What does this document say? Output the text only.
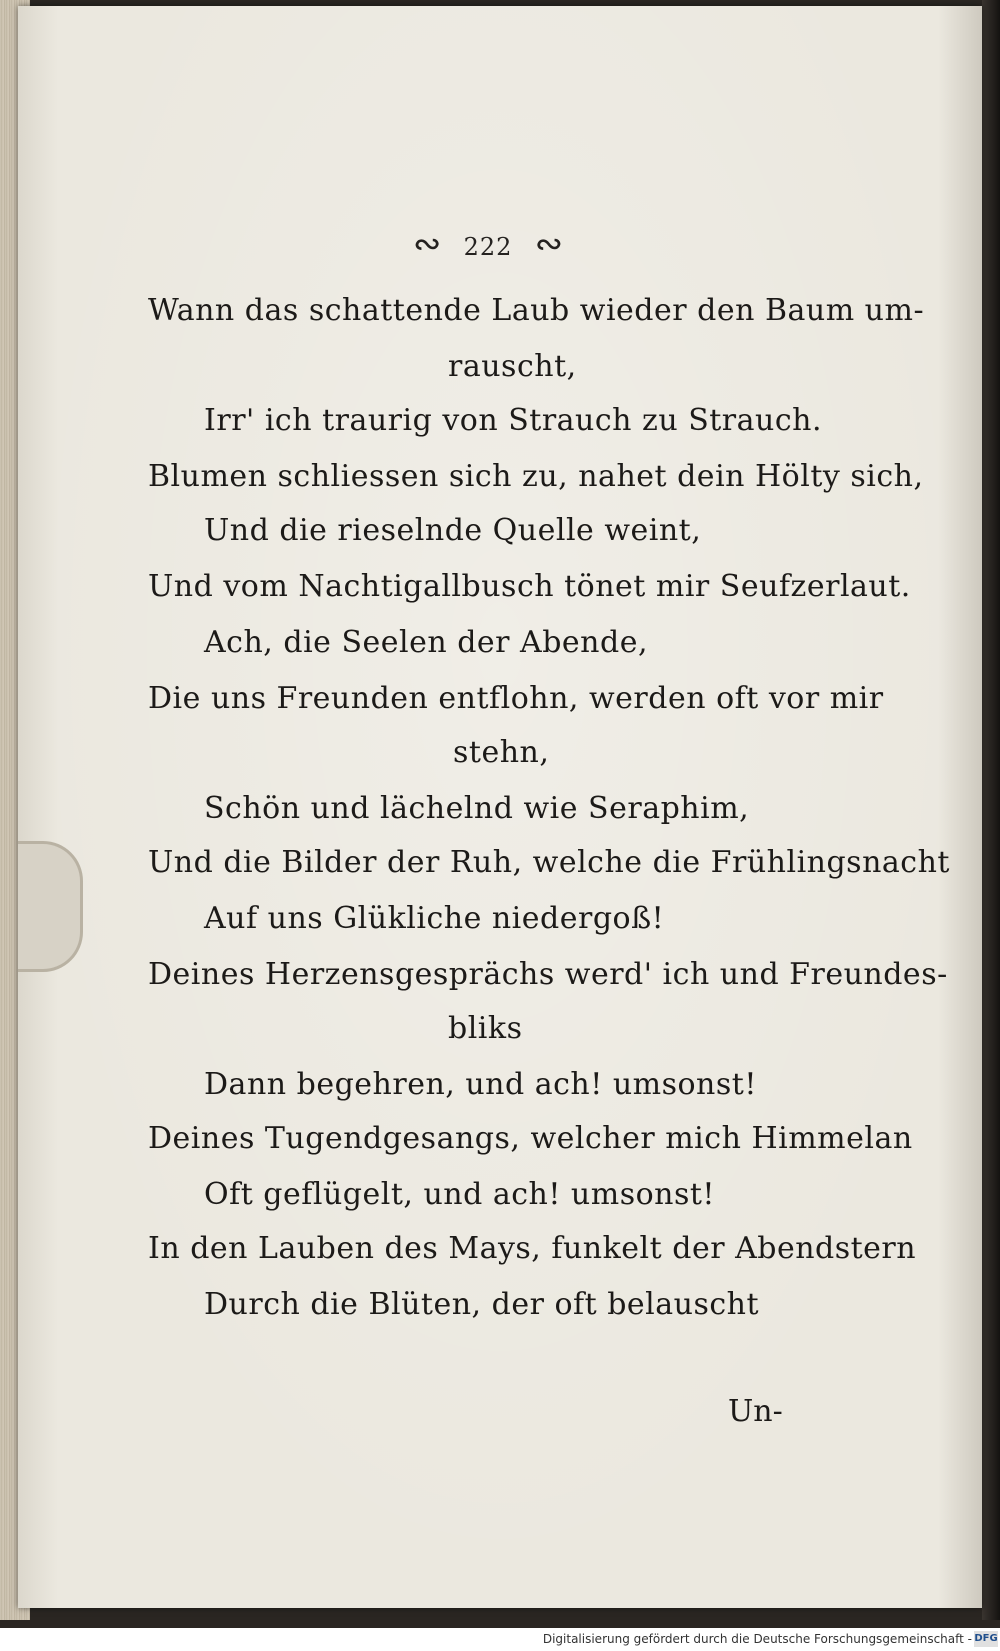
∾ 222 ∾
Wann das schattende Laub wieder den Baum um-
rauscht,
Irr' ich traurig von Strauch zu Strauch.
Blumen schliessen sich zu, nahet dein Hölty sich,
Und die rieselnde Quelle weint,
Und vom Nachtigallbusch tönet mir Seufzerlaut.
Ach, die Seelen der Abende,
Die uns Freunden entflohn, werden oft vor mir
stehn,
Schön und lächelnd wie Seraphim,
Und die Bilder der Ruh, welche die Frühlingsnacht
Auf uns Glükliche niedergoß!
Deines Herzensgesprächs werd' ich und Freundes-
bliks
Dann begehren, und ach! umsonst!
Deines Tugendgesangs, welcher mich Himmelan
Oft geflügelt, und ach! umsonst!
In den Lauben des Mays, funkelt der Abendstern
Durch die Blüten, der oft belauscht
Un-
Digitalisierung gefördert durch die Deutsche Forschungsgemeinschaft - DFG
